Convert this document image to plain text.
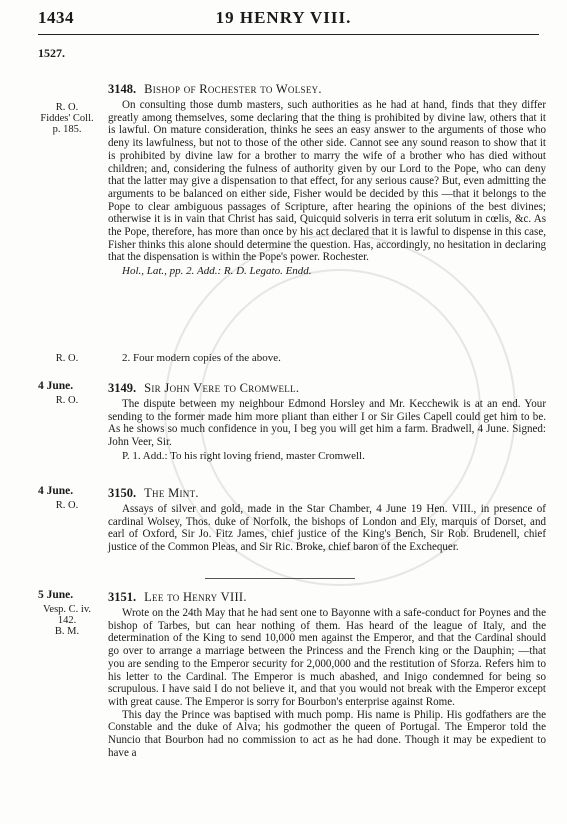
1434	19 HENRY VIII.
1527.
R. O.
Fiddes' Coll.
p. 185.
3148. Bishop of Rochester to Wolsey.

On consulting those dumb masters, such authorities as he had at hand, finds that they differ greatly among themselves, some declaring that the thing is prohibited by divine law, others that it is lawful. On mature consideration, thinks he sees an easy answer to the arguments of those who deny its lawfulness, but not to those of the other side. Cannot see any sound reason to show that it is prohibited by divine law for a brother to marry the wife of a brother who has died without children; and, considering the fulness of authority given by our Lord to the Pope, who can deny that the latter may give a dispensation to that effect, for any serious cause? But, even admitting the arguments to be balanced on either side, Fisher would be decided by this —that it belongs to the Pope to clear ambiguous passages of Scripture, after hearing the opinions of the best divines; otherwise it is in vain that Christ has said, Quicquid solveris in terra erit solutum in cœlis, &c. As the Pope, therefore, has more than once by his act declared that it is lawful to dispense in this case, Fisher thinks this alone should determine the question. Has, accordingly, no hesitation in declaring that the dispensation is within the Pope's power. Rochester.

Hol., Lat., pp. 2. Add.: R. D. Legato. Endd.
R. O.	2. Four modern copies of the above.
4 June.
R. O.
3149. Sir John Vere to Cromwell.

The dispute between my neighbour Edmond Horsley and Mr. Kecchewik is at an end. Your sending to the former made him more pliant than either I or Sir Giles Capell could get him to be. As he shows so much confidence in you, I beg you will get him a farm. Bradwell, 4 June. Signed: John Veer, Sir.

P. 1. Add.: To his right loving friend, master Cromwell.
4 June.
R. O.
3150. The Mint.

Assays of silver and gold, made in the Star Chamber, 4 June 19 Hen. VIII., in presence of cardinal Wolsey, Thos. duke of Norfolk, the bishops of London and Ely, marquis of Dorset, and earl of Oxford, Sir Jo. Fitz James, chief justice of the King's Bench, Sir Rob. Brudenell, chief justice of the Common Pleas, and Sir Ric. Broke, chief baron of the Exchequer.

5 June.
Vesp. C. iv.
142.
B. M.
3151. Lee to Henry VIII.

Wrote on the 24th May that he had sent one to Bayonne with a safe-conduct for Poynes and the bishop of Tarbes, but can hear nothing of them. Has heard of the league of Italy, and the determination of the King to send 10,000 men against the Emperor, and that the Cardinal should go over to arrange a marriage between the Princess and the French king or the Dauphin; —that you are sending to the Emperor security for 2,000,000 and the restitution of Sforza. Refers him to his letter to the Cardinal. The Emperor is much abashed, and Inigo condemned for being so scrupulous. I have said I do not believe it, and that you would not break with the Emperor except with great cause. The Emperor is sorry for Bourbon's enterprise against Rome.

This day the Prince was baptised with much pomp. His name is Philip. His godfathers are the Constable and the duke of Alva; his godmother the queen of Portugal. The Emperor told the Nuncio that Bourbon had no commission to act as he had done. Though it may be expedient to have a
